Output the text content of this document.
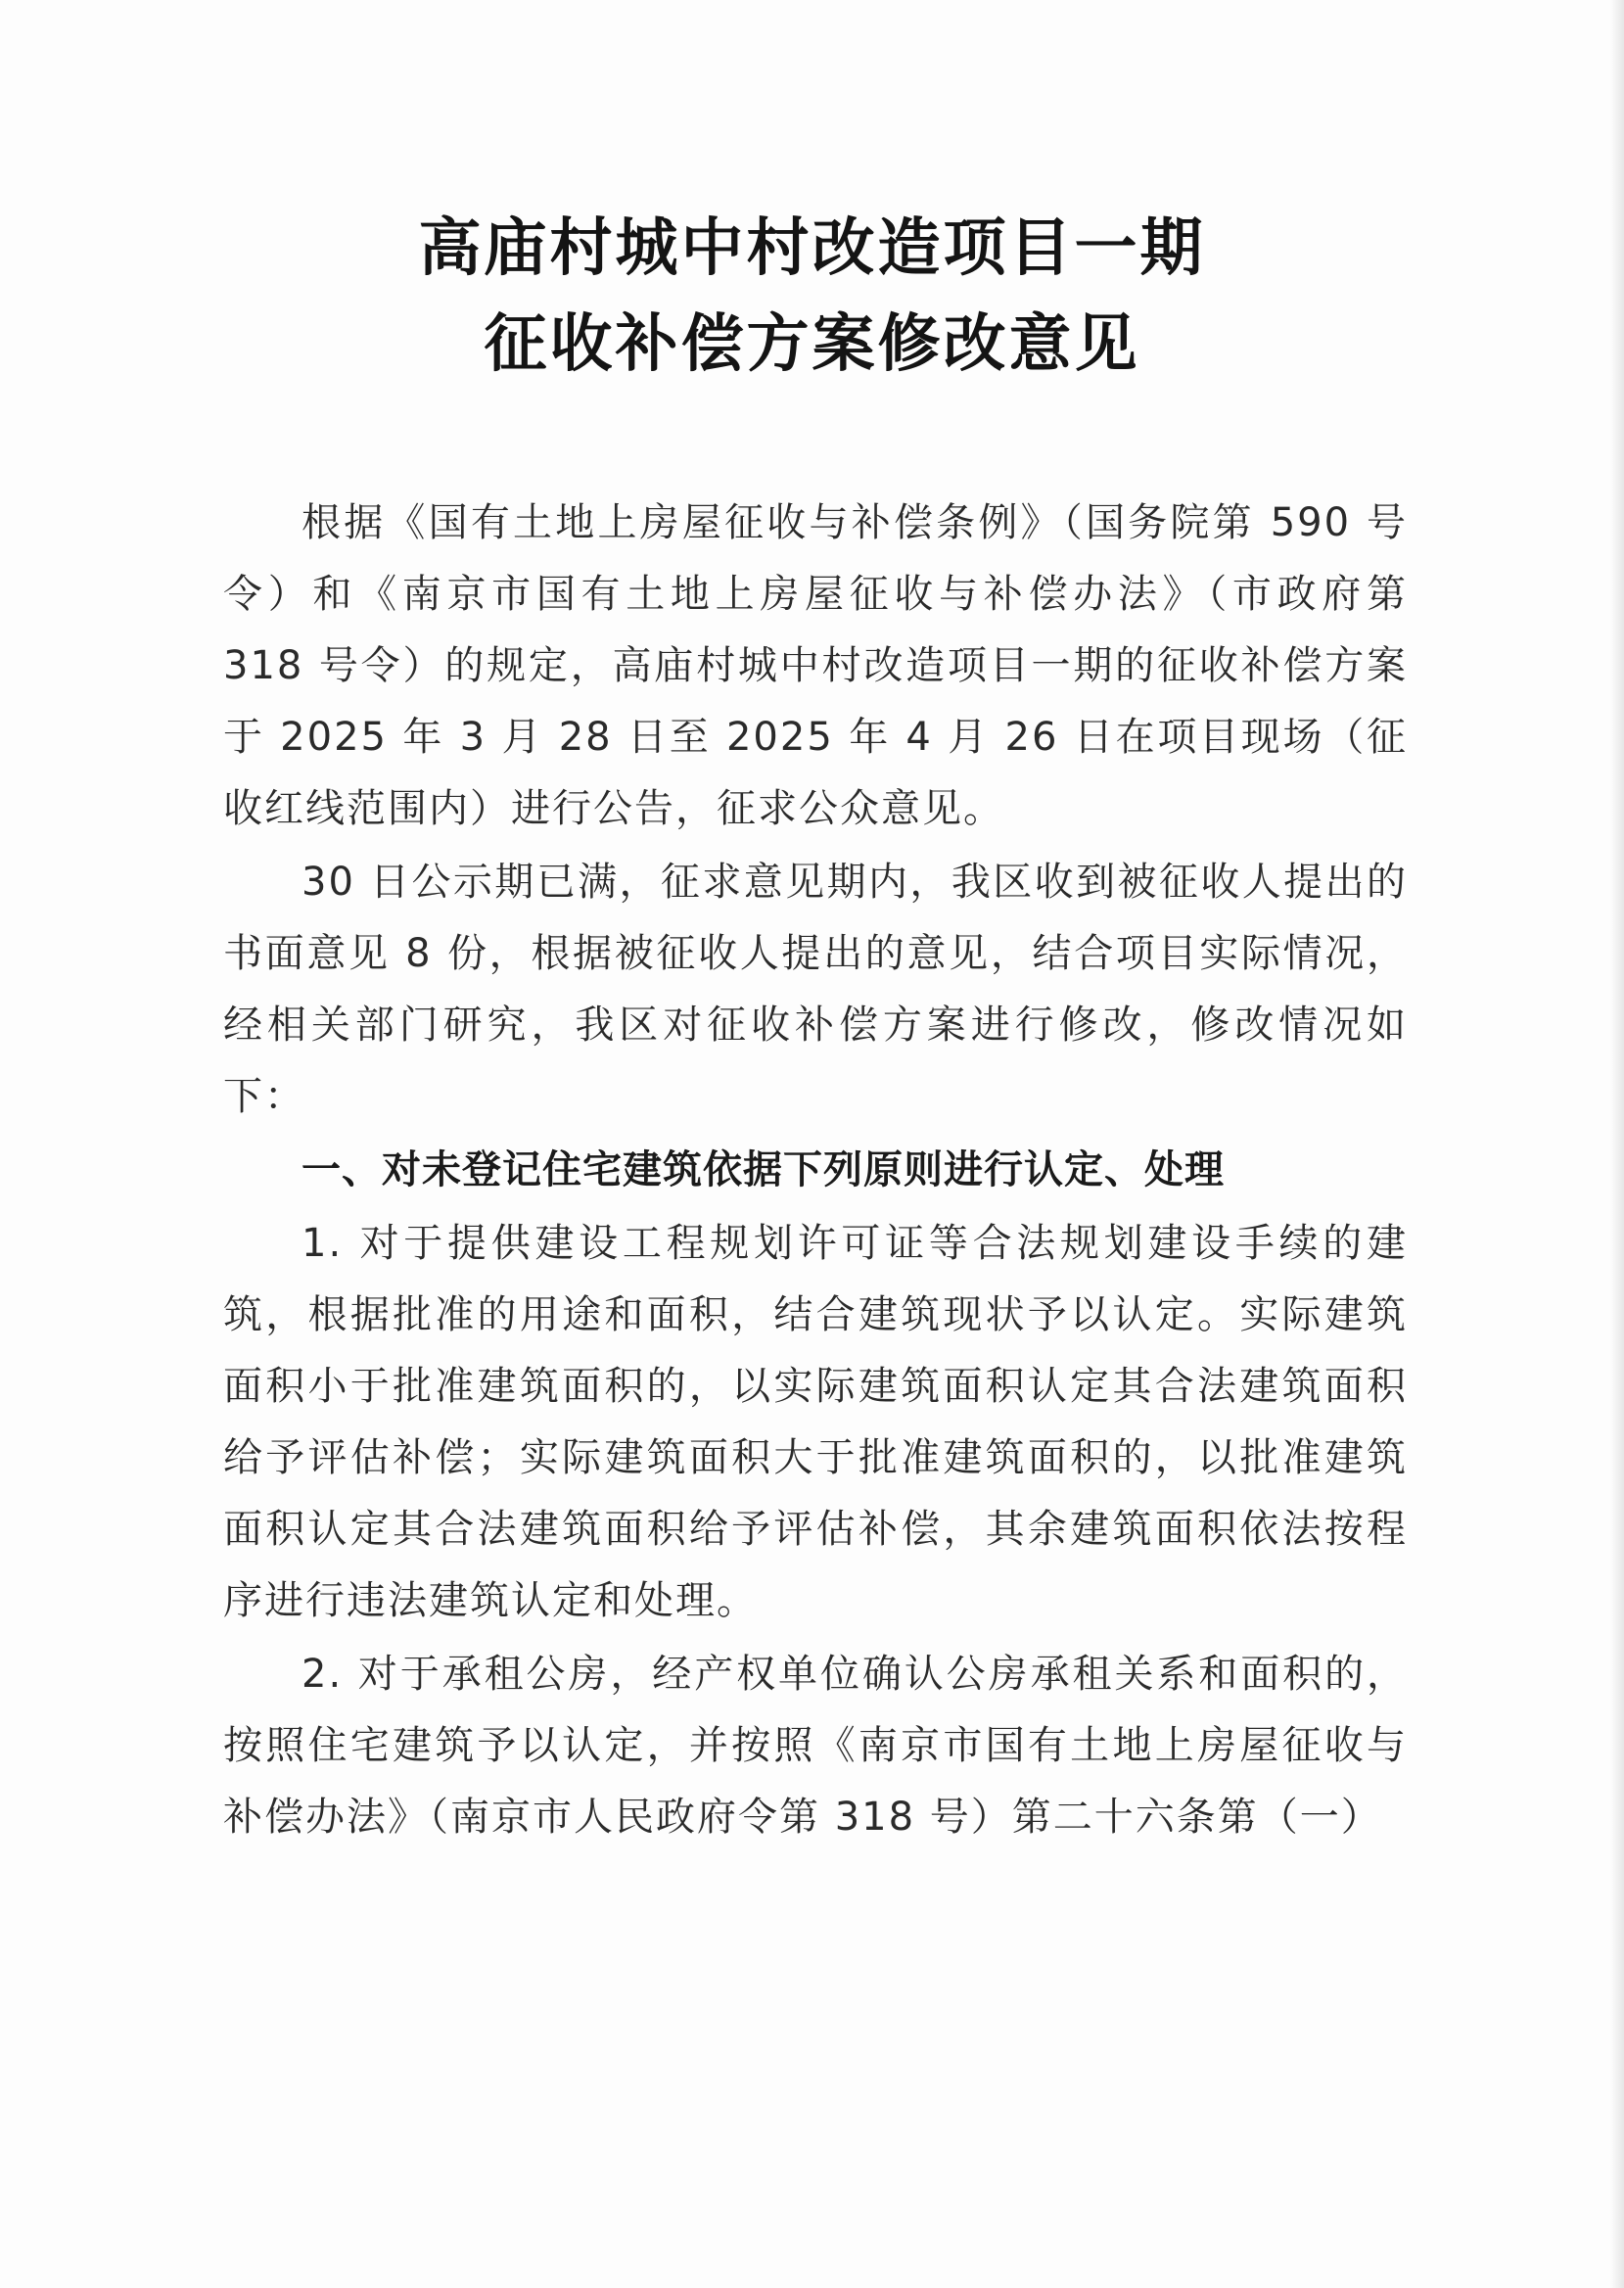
高庙村城中村改造项目一期

征收补偿方案修改意见

根据《国有土地上房屋征收与补偿条例》（国务院第 590 号令）和《南京市国有土地上房屋征收与补偿办法》（市政府第 318 号令）的规定，高庙村城中村改造项目一期的征收补偿方案于 2025 年 3 月 28 日至 2025 年 4 月 26 日在项目现场（征收红线范围内）进行公告，征求公众意见。

30 日公示期已满，征求意见期内，我区收到被征收人提出的书面意见 8 份，根据被征收人提出的意见，结合项目实际情况，经相关部门研究，我区对征收补偿方案进行修改，修改情况如下：

一、对未登记住宅建筑依据下列原则进行认定、处理

1. 对于提供建设工程规划许可证等合法规划建设手续的建筑，根据批准的用途和面积，结合建筑现状予以认定。实际建筑面积小于批准建筑面积的，以实际建筑面积认定其合法建筑面积给予评估补偿；实际建筑面积大于批准建筑面积的，以批准建筑面积认定其合法建筑面积给予评估补偿，其余建筑面积依法按程序进行违法建筑认定和处理。

2. 对于承租公房，经产权单位确认公房承租关系和面积的，按照住宅建筑予以认定，并按照《南京市国有土地上房屋征收与补偿办法》（南京市人民政府令第 318 号）第二十六条第（一）
